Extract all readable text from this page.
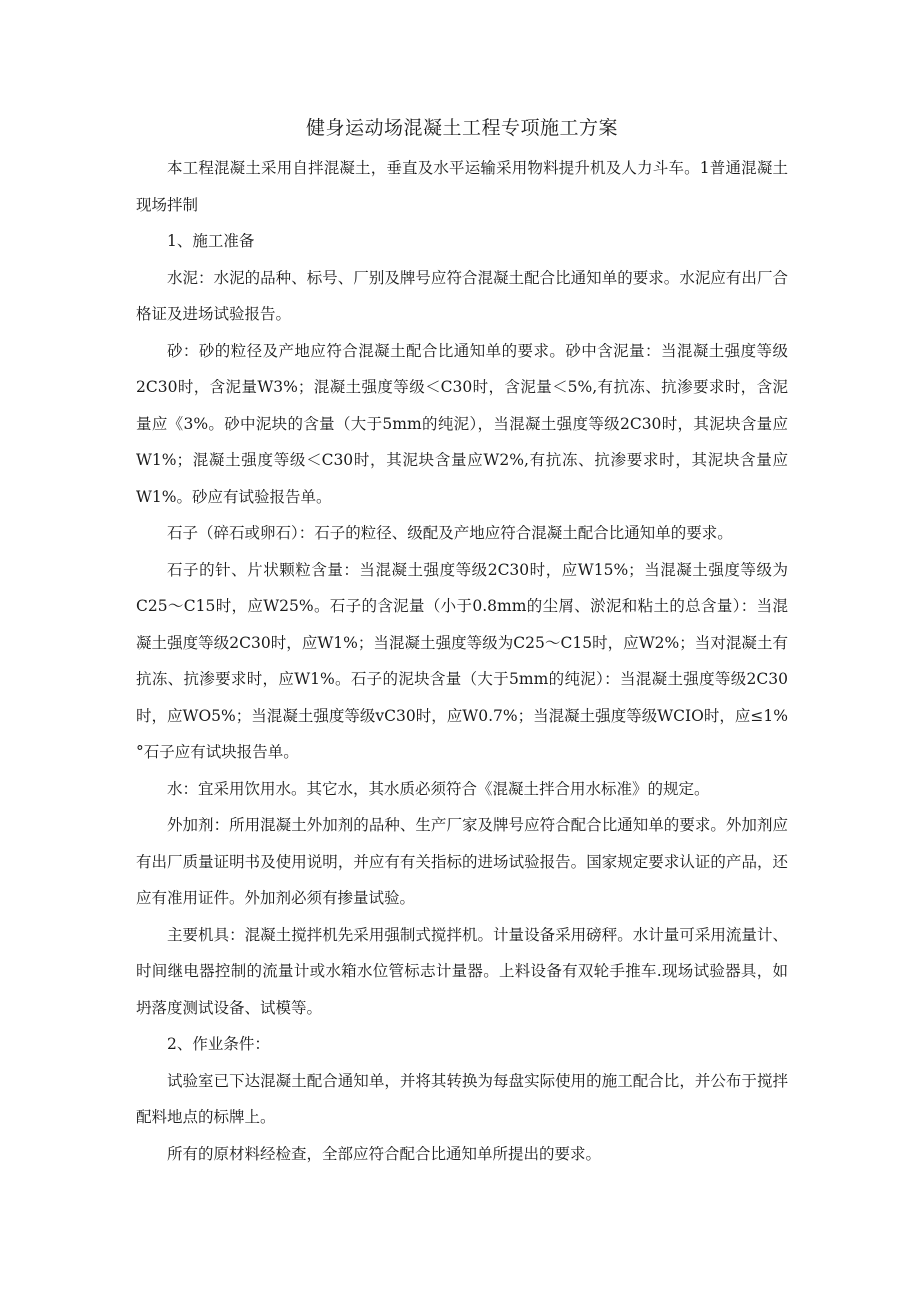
健身运动场混凝土工程专项施工方案

本工程混凝土采用自拌混凝土，垂直及水平运输采用物料提升机及人力斗车。1普通混凝土现场拌制

1、施工准备

水泥：水泥的品种、标号、厂别及牌号应符合混凝土配合比通知单的要求。水泥应有出厂合格证及进场试验报告。

砂：砂的粒径及产地应符合混凝土配合比通知单的要求。砂中含泥量：当混凝土强度等级2C30时，含泥量W3%；混凝土强度等级＜C30时，含泥量＜5%,有抗冻、抗渗要求时，含泥量应《3%。砂中泥块的含量（大于5mm的纯泥），当混凝土强度等级2C30时，其泥块含量应W1%；混凝土强度等级＜C30时，其泥块含量应W2%,有抗冻、抗渗要求时，其泥块含量应W1%。砂应有试验报告单。

石子（碎石或卵石）：石子的粒径、级配及产地应符合混凝土配合比通知单的要求。

石子的针、片状颗粒含量：当混凝土强度等级2C30时，应W15%；当混凝土强度等级为C25〜C15时，应W25%。石子的含泥量（小于0.8mm的尘屑、淤泥和粘土的总含量）：当混凝土强度等级2C30时，应W1%；当混凝土强度等级为C25〜C15时，应W2%；当对混凝土有抗冻、抗渗要求时，应W1%。石子的泥块含量（大于5mm的纯泥）：当混凝土强度等级2C30时，应WO5%；当混凝土强度等级vC30时，应W0.7%；当混凝土强度等级WCIO时，应≤1%°石子应有试块报告单。

水：宜采用饮用水。其它水，其水质必须符合《混凝土拌合用水标准》的规定。

外加剂：所用混凝土外加剂的品种、生产厂家及牌号应符合配合比通知单的要求。外加剂应有出厂质量证明书及使用说明，并应有有关指标的进场试验报告。国家规定要求认证的产品，还应有准用证件。外加剂必须有掺量试验。

主要机具：混凝土搅拌机先采用强制式搅拌机。计量设备采用磅秤。水计量可采用流量计、时间继电器控制的流量计或水箱水位管标志计量器。上料设备有双轮手推车.现场试验器具，如坍落度测试设备、试模等。

2、作业条件：

试验室已下达混凝土配合通知单，并将其转换为每盘实际使用的施工配合比，并公布于搅拌配料地点的标牌上。

所有的原材料经检查，全部应符合配合比通知单所提出的要求。
